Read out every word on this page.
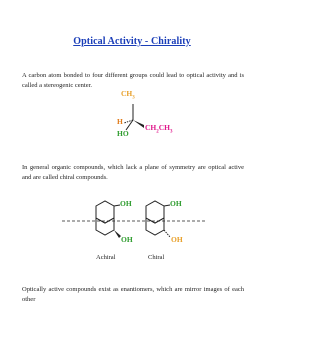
Optical Activity - Chirality
A carbon atom bonded to four different groups could lead to optical activity and is called a stereogenic center.
$CH_3$
H
$CH_2CH_3$
HO
In general organic compounds, which lack a plane of symmetry are optical active and are called chiral compounds.
OH
OH
OH
OH
Achiral	Chiral
Optically active compounds exist as enantiomers, which are mirror images of each other
